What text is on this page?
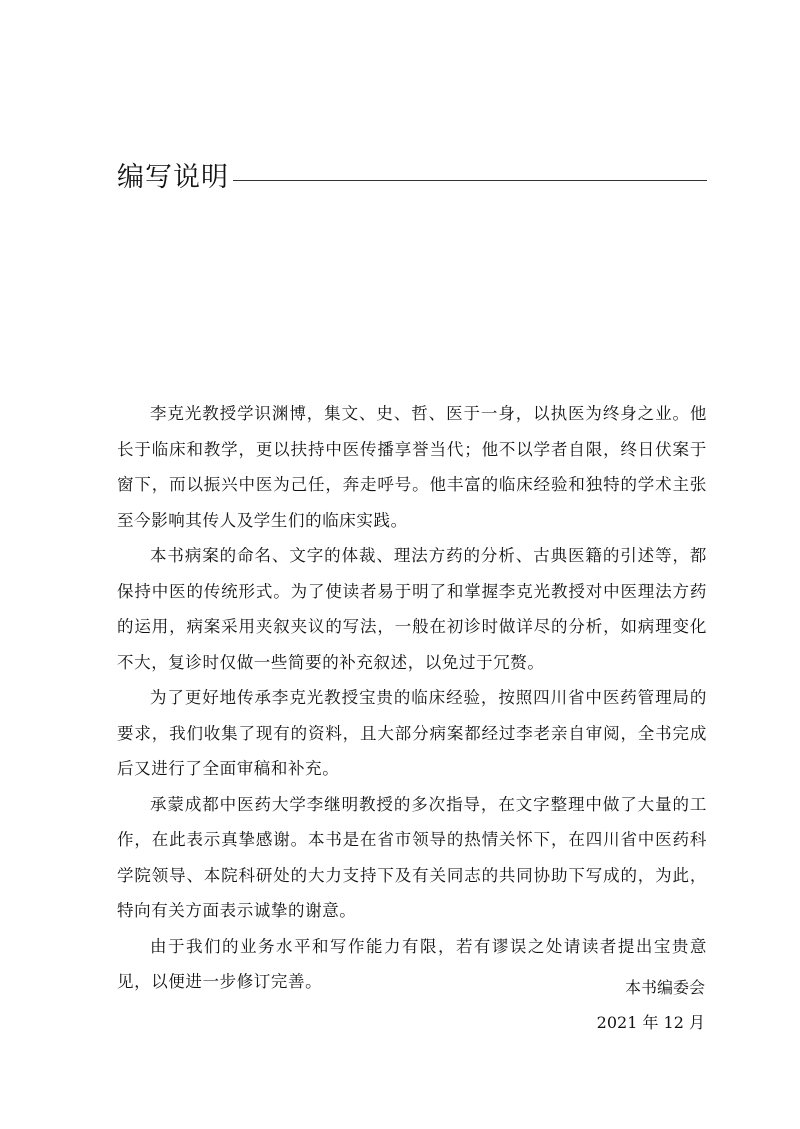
编写说明

李克光教授学识渊博，集文、史、哲、医于一身，以执医为终身之业。他长于临床和教学，更以扶持中医传播享誉当代；他不以学者自限，终日伏案于窗下，而以振兴中医为己任，奔走呼号。他丰富的临床经验和独特的学术主张至今影响其传人及学生们的临床实践。

本书病案的命名、文字的体裁、理法方药的分析、古典医籍的引述等，都保持中医的传统形式。为了使读者易于明了和掌握李克光教授对中医理法方药的运用，病案采用夹叙夹议的写法，一般在初诊时做详尽的分析，如病理变化不大，复诊时仅做一些简要的补充叙述，以免过于冗赘。

为了更好地传承李克光教授宝贵的临床经验，按照四川省中医药管理局的要求，我们收集了现有的资料，且大部分病案都经过李老亲自审阅，全书完成后又进行了全面审稿和补充。

承蒙成都中医药大学李继明教授的多次指导，在文字整理中做了大量的工作，在此表示真挚感谢。本书是在省市领导的热情关怀下，在四川省中医药科学院领导、本院科研处的大力支持下及有关同志的共同协助下写成的，为此，特向有关方面表示诚挚的谢意。

由于我们的业务水平和写作能力有限，若有谬误之处请读者提出宝贵意见，以便进一步修订完善。	本书编委会
2021 年 12 月
